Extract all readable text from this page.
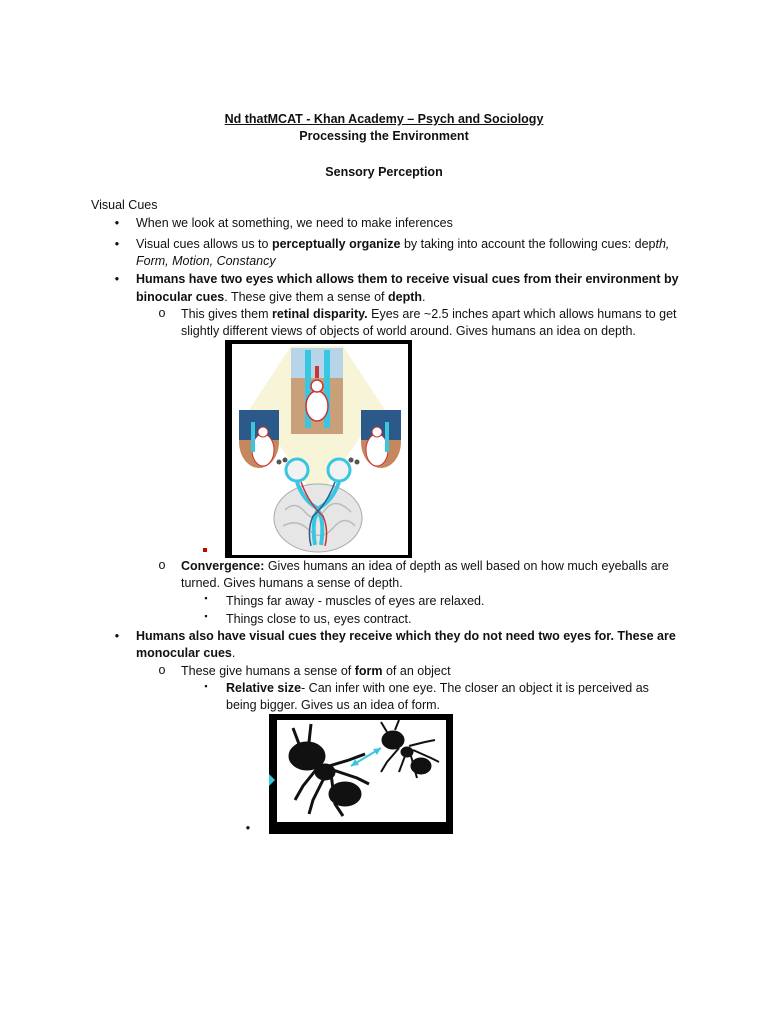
Nd thatMCAT - Khan Academy – Psych and Sociology
Processing the Environment
Sensory Perception
Visual Cues
• When we look at something, we need to make inferences
• Visual cues allows us to perceptually organize by taking into account the following cues: depth,
Form, Motion, Constancy
• Humans have two eyes which allows them to receive visual cues from their environment by
binocular cues. These give them a sense of depth.
o This gives them retinal disparity. Eyes are ~2.5 inches apart which allows humans to get
slightly different views of objects of world around. Gives humans an idea on depth.
o Convergence: Gives humans an idea of depth as well based on how much eyeballs are
turned. Gives humans a sense of depth.
▪ Things far away - muscles of eyes are relaxed.
▪ Things close to us, eyes contract.
• Humans also have visual cues they receive which they do not need two eyes for. These are
monocular cues.
o These give humans a sense of form of an object
▪ Relative size- Can infer with one eye. The closer an object it is perceived as
being bigger. Gives us an idea of form.
•
